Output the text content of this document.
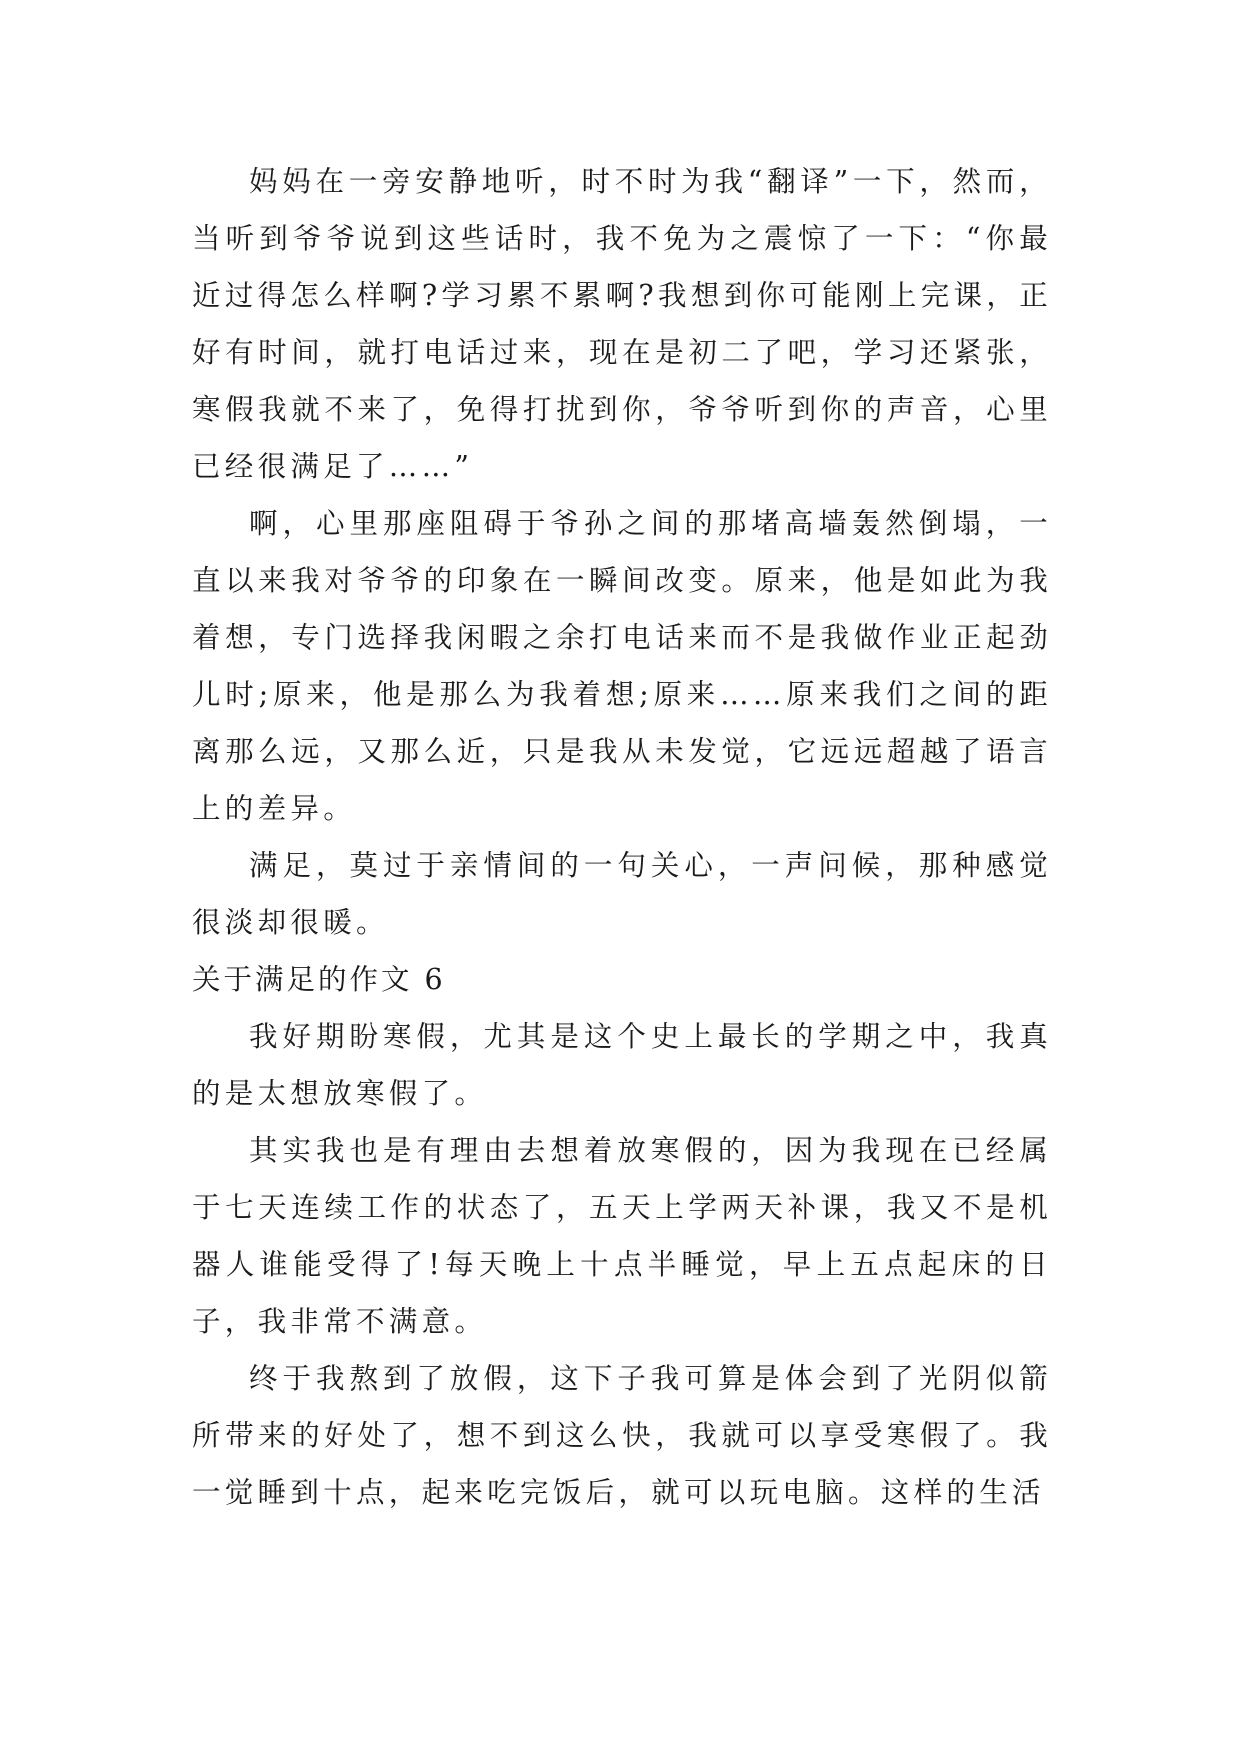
妈妈在一旁安静地听，时不时为我“翻译”一下，然而，当听到爷爷说到这些话时，我不免为之震惊了一下：“你最近过得怎么样啊?学习累不累啊?我想到你可能刚上完课，正好有时间，就打电话过来，现在是初二了吧，学习还紧张，寒假我就不来了，免得打扰到你，爷爷听到你的声音，心里已经很满足了……”

啊，心里那座阻碍于爷孙之间的那堵高墙轰然倒塌，一直以来我对爷爷的印象在一瞬间改变。原来，他是如此为我着想，专门选择我闲暇之余打电话来而不是我做作业正起劲儿时;原来，他是那么为我着想;原来……原来我们之间的距离那么远，又那么近，只是我从未发觉，它远远超越了语言上的差异。

满足，莫过于亲情间的一句关心，一声问候，那种感觉很淡却很暖。

关于满足的作文 6

我好期盼寒假，尤其是这个史上最长的学期之中，我真的是太想放寒假了。

其实我也是有理由去想着放寒假的，因为我现在已经属于七天连续工作的状态了，五天上学两天补课，我又不是机器人谁能受得了!每天晚上十点半睡觉，早上五点起床的日子，我非常不满意。

终于我熬到了放假，这下子我可算是体会到了光阴似箭所带来的好处了，想不到这么快，我就可以享受寒假了。我一觉睡到十点，起来吃完饭后，就可以玩电脑。这样的生活
